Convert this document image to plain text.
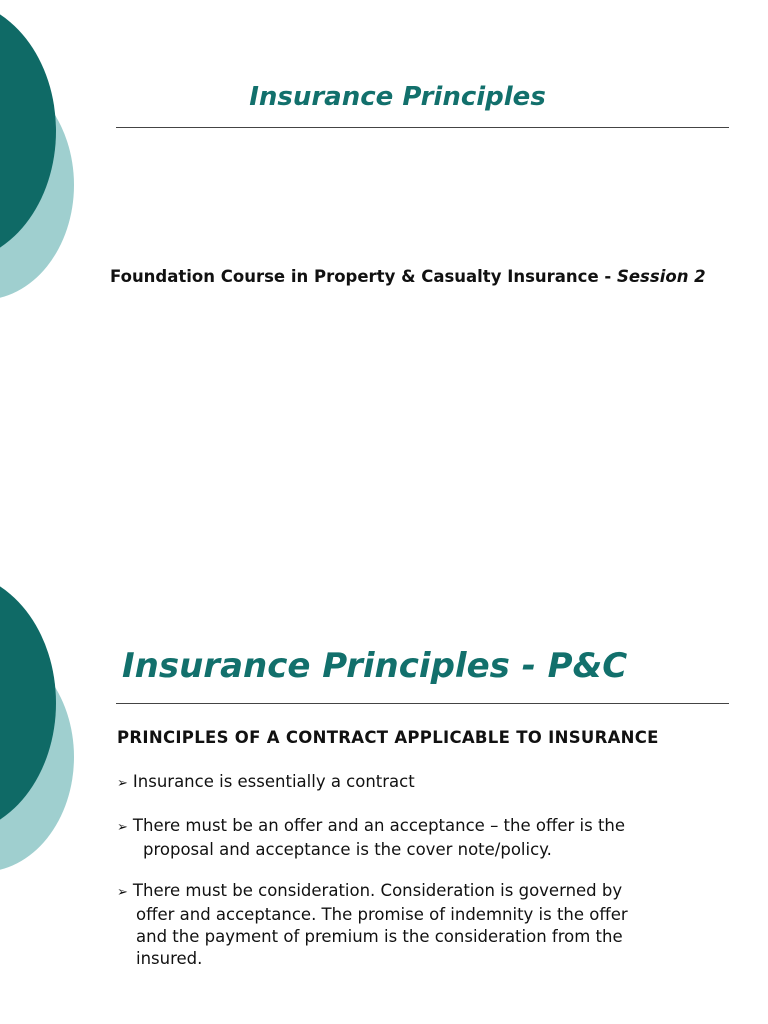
Insurance Principles
Foundation Course in Property & Casualty Insurance - Session 2
Insurance Principles - P&C
PRINCIPLES OF A CONTRACT APPLICABLE TO INSURANCE
➢ Insurance is essentially a contract
➢ There must be an offer and an acceptance – the offer is the
proposal and acceptance is the cover note/policy.
➢ There must be consideration. Consideration is governed by
offer and acceptance. The promise of indemnity is the offer
and the payment of premium is the consideration from the
insured.
